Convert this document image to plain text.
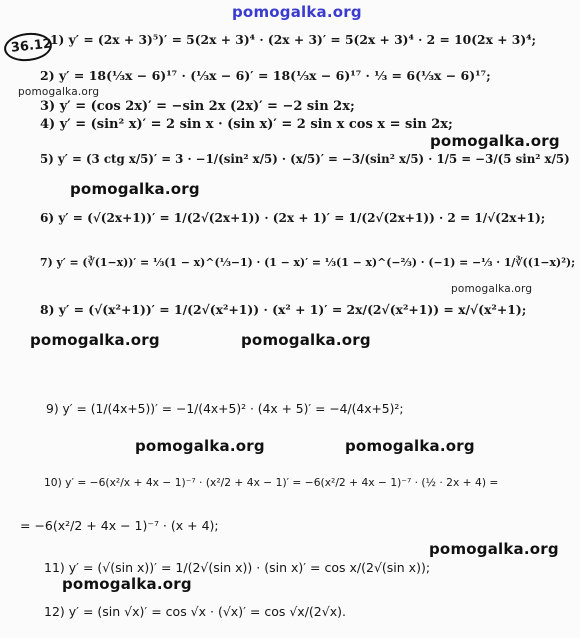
36.12
pomogalka.org
pomogalka.org
pomogalka.org
pomogalka.org
pomogalka.org
pomogalka.org	pomogalka.org
pomogalka.org	pomogalka.org
pomogalka.org
pomogalka.org
1) y′ = (2x + 3)⁵)′ = 5(2x + 3)⁴ · (2x + 3)′ = 5(2x + 3)⁴ · 2 = 10(2x + 3)⁴;
2) y′ = 18(⅓x − 6)¹⁷ · (⅓x − 6)′ = 18(⅓x − 6)¹⁷ · ⅓ = 6(⅓x − 6)¹⁷;
3) y′ = (cos 2x)′ = −sin 2x (2x)′ = −2 sin 2x;
4) y′ = (sin² x)′ = 2 sin x · (sin x)′ = 2 sin x cos x = sin 2x;
5) y′ = (3 ctg x/5)′ = 3 · −1/(sin² x/5) · (x/5)′ = −3/(sin² x/5) · 1/5 = −3/(5 sin² x/5)
6) y′ = (√(2x+1))′ = 1/(2√(2x+1)) · (2x + 1)′ = 1/(2√(2x+1)) · 2 = 1/√(2x+1);
7) y′ = (∛(1−x))′ = ⅓(1 − x)^(⅓−1) · (1 − x)′ = ⅓(1 − x)^(−⅔) · (−1) = −⅓ · 1/∛((1−x)²);
8) y′ = (√(x²+1))′ = 1/(2√(x²+1)) · (x² + 1)′ = 2x/(2√(x²+1)) = x/√(x²+1);
9) y′ = (1/(4x+5))′ = −1/(4x+5)² · (4x + 5)′ = −4/(4x+5)²;
10) y′ = −6(x²/x + 4x − 1)⁻⁷ · (x²/2 + 4x − 1)′ = −6(x²/2 + 4x − 1)⁻⁷ · (½ · 2x + 4) =
= −6(x²/2 + 4x − 1)⁻⁷ · (x + 4);
11) y′ = (√(sin x))′ = 1/(2√(sin x)) · (sin x)′ = cos x/(2√(sin x));
12) y′ = (sin √x)′ = cos √x · (√x)′ = cos √x/(2√x).
